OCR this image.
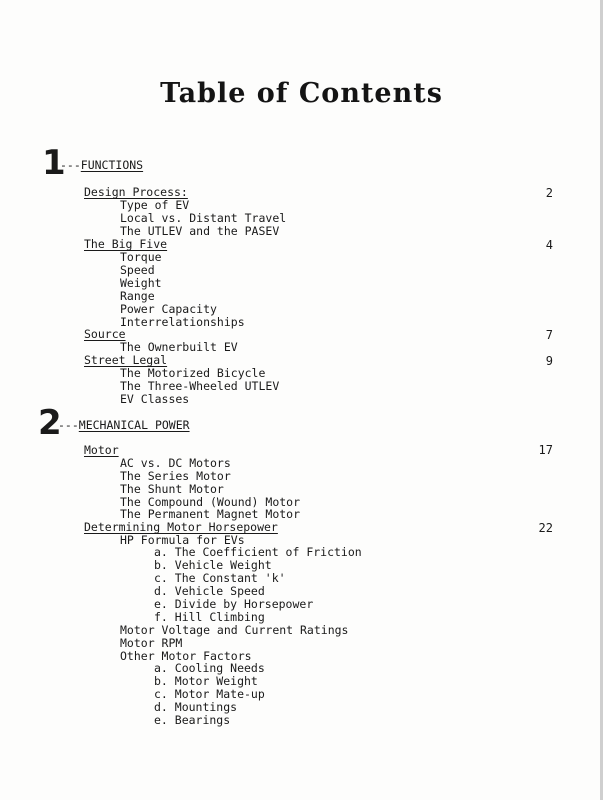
Table of Contents
1
---FUNCTIONS
Design Process:	2
Type of EV
Local vs. Distant Travel
The UTLEV and the PASEV
The Big Five	4
Torque
Speed
Weight
Range
Power Capacity
Interrelationships
Source	7
The Ownerbuilt EV
Street Legal	9
The Motorized Bicycle
The Three-Wheeled UTLEV
EV Classes
2
---MECHANICAL POWER
Motor	17
AC vs. DC Motors
The Series Motor
The Shunt Motor
The Compound (Wound) Motor
The Permanent Magnet Motor
Determining Motor Horsepower	22
HP Formula for EVs
a. The Coefficient of Friction
b. Vehicle Weight
c. The Constant 'k'
d. Vehicle Speed
e. Divide by Horsepower
f. Hill Climbing
Motor Voltage and Current Ratings
Motor RPM
Other Motor Factors
a. Cooling Needs
b. Motor Weight
c. Motor Mate-up
d. Mountings
e. Bearings
